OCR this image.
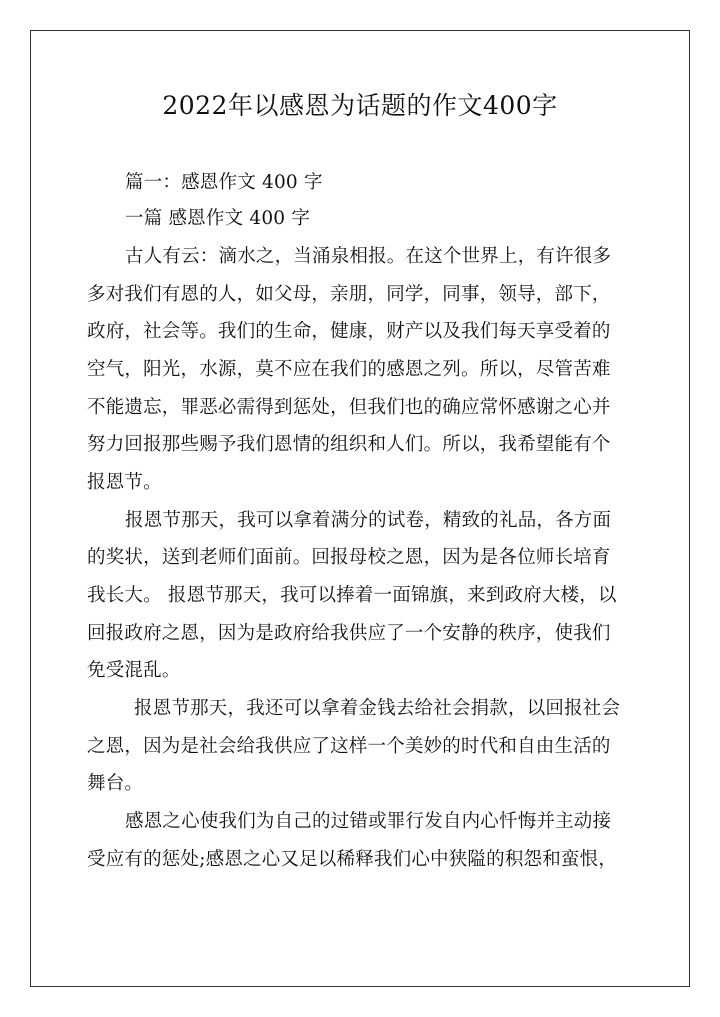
2022年以感恩为话题的作文400字
篇一：感恩作文 400 字
一篇 感恩作文 400 字
古人有云：滴水之，当涌泉相报。在这个世界上，有许很多
多对我们有恩的人，如父母，亲朋，同学，同事，领导，部下，
政府，社会等。我们的生命，健康，财产以及我们每天享受着的
空气，阳光，水源，莫不应在我们的感恩之列。所以，尽管苦难
不能遗忘，罪恶必需得到惩处，但我们也的确应常怀感谢之心并
努力回报那些赐予我们恩情的组织和人们。所以，我希望能有个
报恩节。
报恩节那天，我可以拿着满分的试卷，精致的礼品，各方面
的奖状，送到老师们面前。回报母校之恩，因为是各位师长培育
我长大。 报恩节那天，我可以捧着一面锦旗，来到政府大楼，以
回报政府之恩，因为是政府给我供应了一个安静的秩序，使我们
免受混乱。
报恩节那天，我还可以拿着金钱去给社会捐款，以回报社会
之恩，因为是社会给我供应了这样一个美妙的时代和自由生活的
舞台。
感恩之心使我们为自己的过错或罪行发自内心忏悔并主动接
受应有的惩处;感恩之心又足以稀释我们心中狭隘的积怨和蛮恨，
